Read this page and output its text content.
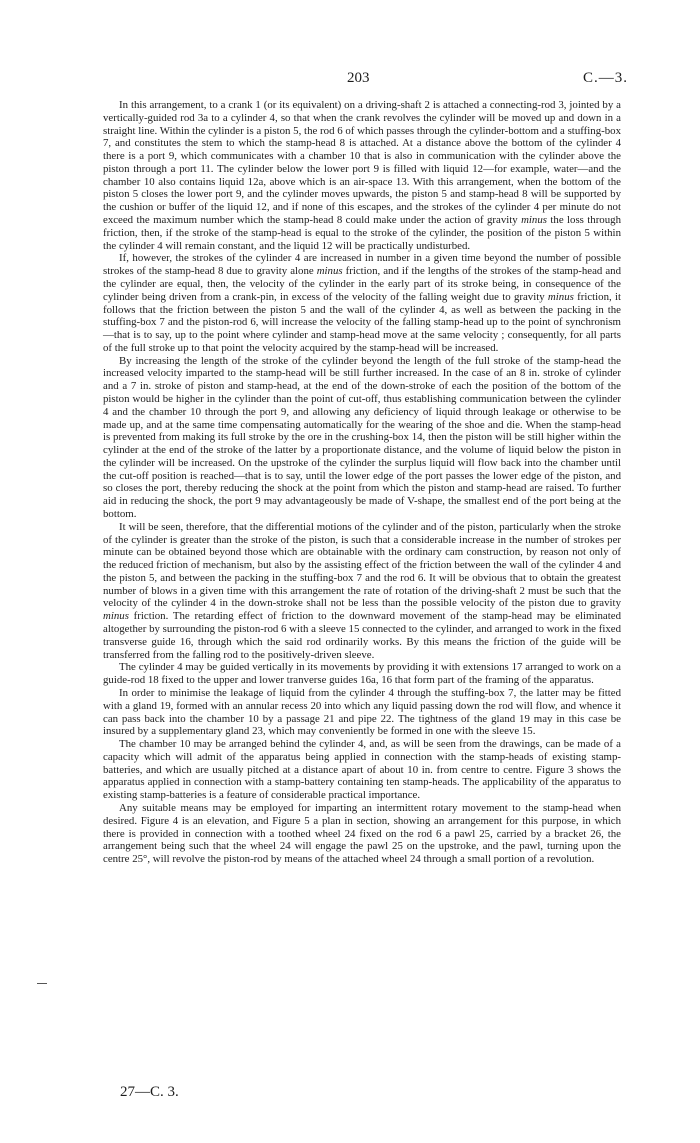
203	C.—3.

In this arrangement, to a crank 1 (or its equivalent) on a driving-shaft 2 is attached a connecting-rod 3, jointed by a vertically-guided rod 3a to a cylinder 4, so that when the crank revolves the cylinder will be moved up and down in a straight line. Within the cylinder is a piston 5, the rod 6 of which passes through the cylinder-bottom and a stuffing-box 7, and constitutes the stem to which the stamp-head 8 is attached. At a distance above the bottom of the cylinder 4 there is a port 9, which communicates with a chamber 10 that is also in communication with the cylinder above the piston through a port 11. The cylinder below the lower port 9 is filled with liquid 12—for example, water—and the chamber 10 also contains liquid 12a, above which is an air-space 13. With this arrangement, when the bottom of the piston 5 closes the lower port 9, and the cylinder moves upwards, the piston 5 and stamp-head 8 will be supported by the cushion or buffer of the liquid 12, and if none of this escapes, and the strokes of the cylinder 4 per minute do not exceed the maximum number which the stamp-head 8 could make under the action of gravity minus the loss through friction, then, if the stroke of the stamp-head is equal to the stroke of the cylinder, the position of the piston 5 within the cylinder 4 will remain constant, and the liquid 12 will be practically undisturbed.

If, however, the strokes of the cylinder 4 are increased in number in a given time beyond the number of possible strokes of the stamp-head 8 due to gravity alone minus friction, and if the lengths of the strokes of the stamp-head and the cylinder are equal, then, the velocity of the cylinder in the early part of its stroke being, in consequence of the cylinder being driven from a crank-pin, in excess of the velocity of the falling weight due to gravity minus friction, it follows that the friction between the piston 5 and the wall of the cylinder 4, as well as between the packing in the stuffing-box 7 and the piston-rod 6, will increase the velocity of the falling stamp-head up to the point of synchronism—that is to say, up to the point where cylinder and stamp-head move at the same velocity ; consequently, for all parts of the full stroke up to that point the velocity acquired by the stamp-head will be increased.

By increasing the length of the stroke of the cylinder beyond the length of the full stroke of the stamp-head the increased velocity imparted to the stamp-head will be still further increased. In the case of an 8 in. stroke of cylinder and a 7 in. stroke of piston and stamp-head, at the end of the down-stroke of each the position of the bottom of the piston would be higher in the cylinder than the point of cut-off, thus establishing communication between the cylinder 4 and the chamber 10 through the port 9, and allowing any deficiency of liquid through leakage or otherwise to be made up, and at the same time compensating automatically for the wearing of the shoe and die. When the stamp-head is prevented from making its full stroke by the ore in the crushing-box 14, then the piston will be still higher within the cylinder at the end of the stroke of the latter by a proportionate distance, and the volume of liquid below the piston in the cylinder will be increased. On the upstroke of the cylinder the surplus liquid will flow back into the chamber until the cut-off position is reached—that is to say, until the lower edge of the port passes the lower edge of the piston, and so closes the port, thereby reducing the shock at the point from which the piston and stamp-head are raised. To further aid in reducing the shock, the port 9 may advantageously be made of V-shape, the smallest end of the port being at the bottom.

It will be seen, therefore, that the differential motions of the cylinder and of the piston, particularly when the stroke of the cylinder is greater than the stroke of the piston, is such that a considerable increase in the number of strokes per minute can be obtained beyond those which are obtainable with the ordinary cam construction, by reason not only of the reduced friction of mechanism, but also by the assisting effect of the friction between the wall of the cylinder 4 and the piston 5, and between the packing in the stuffing-box 7 and the rod 6. It will be obvious that to obtain the greatest number of blows in a given time with this arrangement the rate of rotation of the driving-shaft 2 must be such that the velocity of the cylinder 4 in the down-stroke shall not be less than the possible velocity of the piston due to gravity minus friction. The retarding effect of friction to the downward movement of the stamp-head may be eliminated altogether by surrounding the piston-rod 6 with a sleeve 15 connected to the cylinder, and arranged to work in the fixed transverse guide 16, through which the said rod ordinarily works. By this means the friction of the guide will be transferred from the falling rod to the positively-driven sleeve.

The cylinder 4 may be guided vertically in its movements by providing it with extensions 17 arranged to work on a guide-rod 18 fixed to the upper and lower tranverse guides 16a, 16 that form part of the framing of the apparatus.

In order to minimise the leakage of liquid from the cylinder 4 through the stuffing-box 7, the latter may be fitted with a gland 19, formed with an annular recess 20 into which any liquid passing down the rod will flow, and whence it can pass back into the chamber 10 by a passage 21 and pipe 22. The tightness of the gland 19 may in this case be insured by a supplementary gland 23, which may conveniently be formed in one with the sleeve 15.

The chamber 10 may be arranged behind the cylinder 4, and, as will be seen from the drawings, can be made of a capacity which will admit of the apparatus being applied in connection with the stamp-heads of existing stamp-batteries, and which are usually pitched at a distance apart of about 10 in. from centre to centre. Figure 3 shows the apparatus applied in connection with a stamp-battery containing ten stamp-heads. The applicability of the apparatus to existing stamp-batteries is a feature of considerable practical importance.

Any suitable means may be employed for imparting an intermittent rotary movement to the stamp-head when desired. Figure 4 is an elevation, and Figure 5 a plan in section, showing an arrangement for this purpose, in which there is provided in connection with a toothed wheel 24 fixed on the rod 6 a pawl 25, carried by a bracket 26, the arrangement being such that the wheel 24 will engage the pawl 25 on the upstroke, and the pawl, turning upon the centre 25°, will revolve the piston-rod by means of the attached wheel 24 through a small portion of a revolution.

27—C. 3.
